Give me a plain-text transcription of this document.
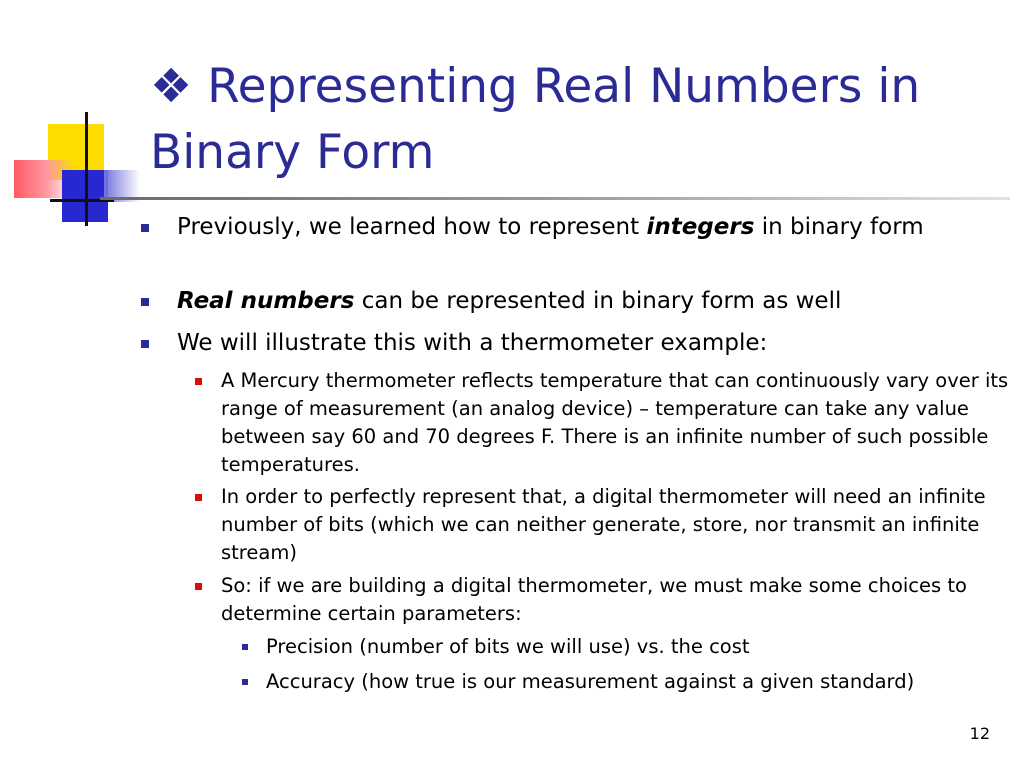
❖ Representing Real Numbers in Binary Form
Previously, we learned how to represent integers in binary form
Real numbers can be represented in binary form as well
We will illustrate this with a thermometer example:
A Mercury thermometer reflects temperature that can continuously vary over its range of measurement (an analog device) – temperature can take any value between say 60 and 70 degrees F. There is an infinite number of such possible temperatures.
In order to perfectly represent that, a digital thermometer will need an infinite number of bits (which we can neither generate, store, nor transmit an infinite stream)
So: if we are building a digital thermometer, we must make some choices to determine certain parameters:
Precision (number of bits we will use) vs. the cost
Accuracy (how true is our measurement against a given standard)
12
